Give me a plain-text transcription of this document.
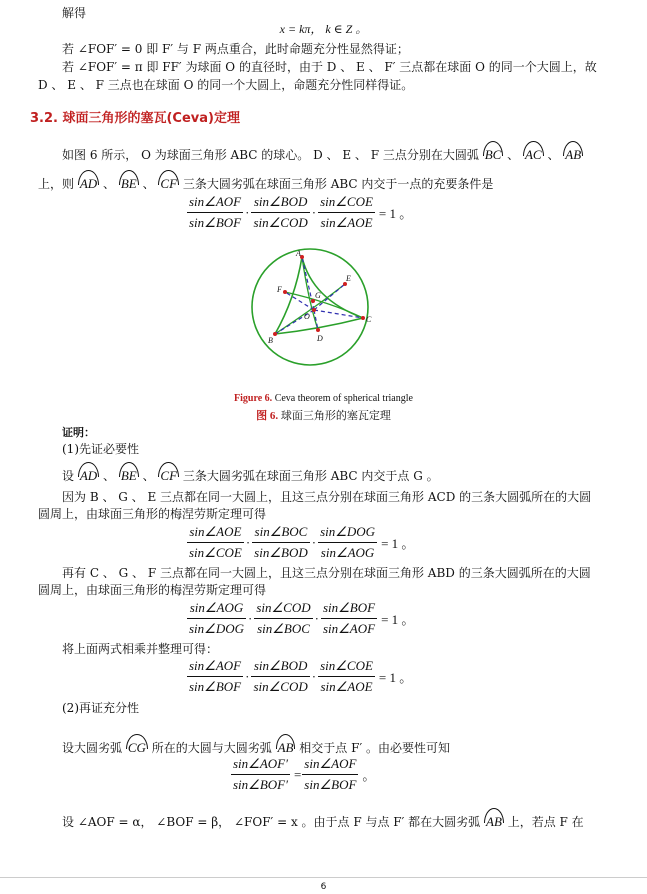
解得
x = kπ， k ∈ Z 。
若 ∠FOF′ = 0 即 F′ 与 F 两点重合，此时命题充分性显然得证；
若 ∠FOF′ = π 即 FF′ 为球面 O 的直径时，由于 D 、 E 、 F′ 三点都在球面 O 的同一个大圆上，故
D 、 E 、 F 三点也在球面 O 的同一个大圆上，命题充分性同样得证。
3.2. 球面三角形的塞瓦(Ceva)定理
如图 6 所示， O 为球面三角形 ABC 的球心。 D 、 E 、 F 三点分别在大圆弧 BC 、 AC 、 AB
上，则 AD 、 BE 、 CF 三条大圆劣弧在球面三角形 ABC 内交于一点的充要条件是
sin∠AOF
sin∠BOF
·
sin∠BOD
sin∠COD
·
sin∠COE
sin∠AOE
= 1 。
A
B
C
D
E
F
G
O
Figure 6. Ceva theorem of spherical triangle
图 6. 球面三角形的塞瓦定理
证明：
(1)先证必要性
设 AD 、 BE 、 CF 三条大圆劣弧在球面三角形 ABC 内交于点 G 。
因为 B 、 G 、 E 三点都在同一大圆上，且这三点分别在球面三角形 ACD 的三条大圆弧所在的大圆
圆周上，由球面三角形的梅涅劳斯定理可得
sin∠AOE
sin∠COE
·
sin∠BOC
sin∠BOD
·
sin∠DOG
sin∠AOG
= 1 。
再有 C 、 G 、 F 三点都在同一大圆上，且这三点分别在球面三角形 ABD 的三条大圆弧所在的大圆
圆周上，由球面三角形的梅涅劳斯定理可得
sin∠AOG
sin∠DOG
·
sin∠COD
sin∠BOC
·
sin∠BOF
sin∠AOF
= 1 。
将上面两式相乘并整理可得：
sin∠AOF
sin∠BOF
·
sin∠BOD
sin∠COD
·
sin∠COE
sin∠AOE
= 1 。
(2)再证充分性
设大圆劣弧 CG 所在的大圆与大圆劣弧 AB 相交于点 F′ 。由必要性可知
sin∠AOF′
sin∠BOF′
=
sin∠AOF
sin∠BOF
。
设 ∠AOF = α， ∠BOF = β， ∠FOF′ = x 。由于点 F 与点 F′ 都在大圆劣弧 AB 上，若点 F 在
6
